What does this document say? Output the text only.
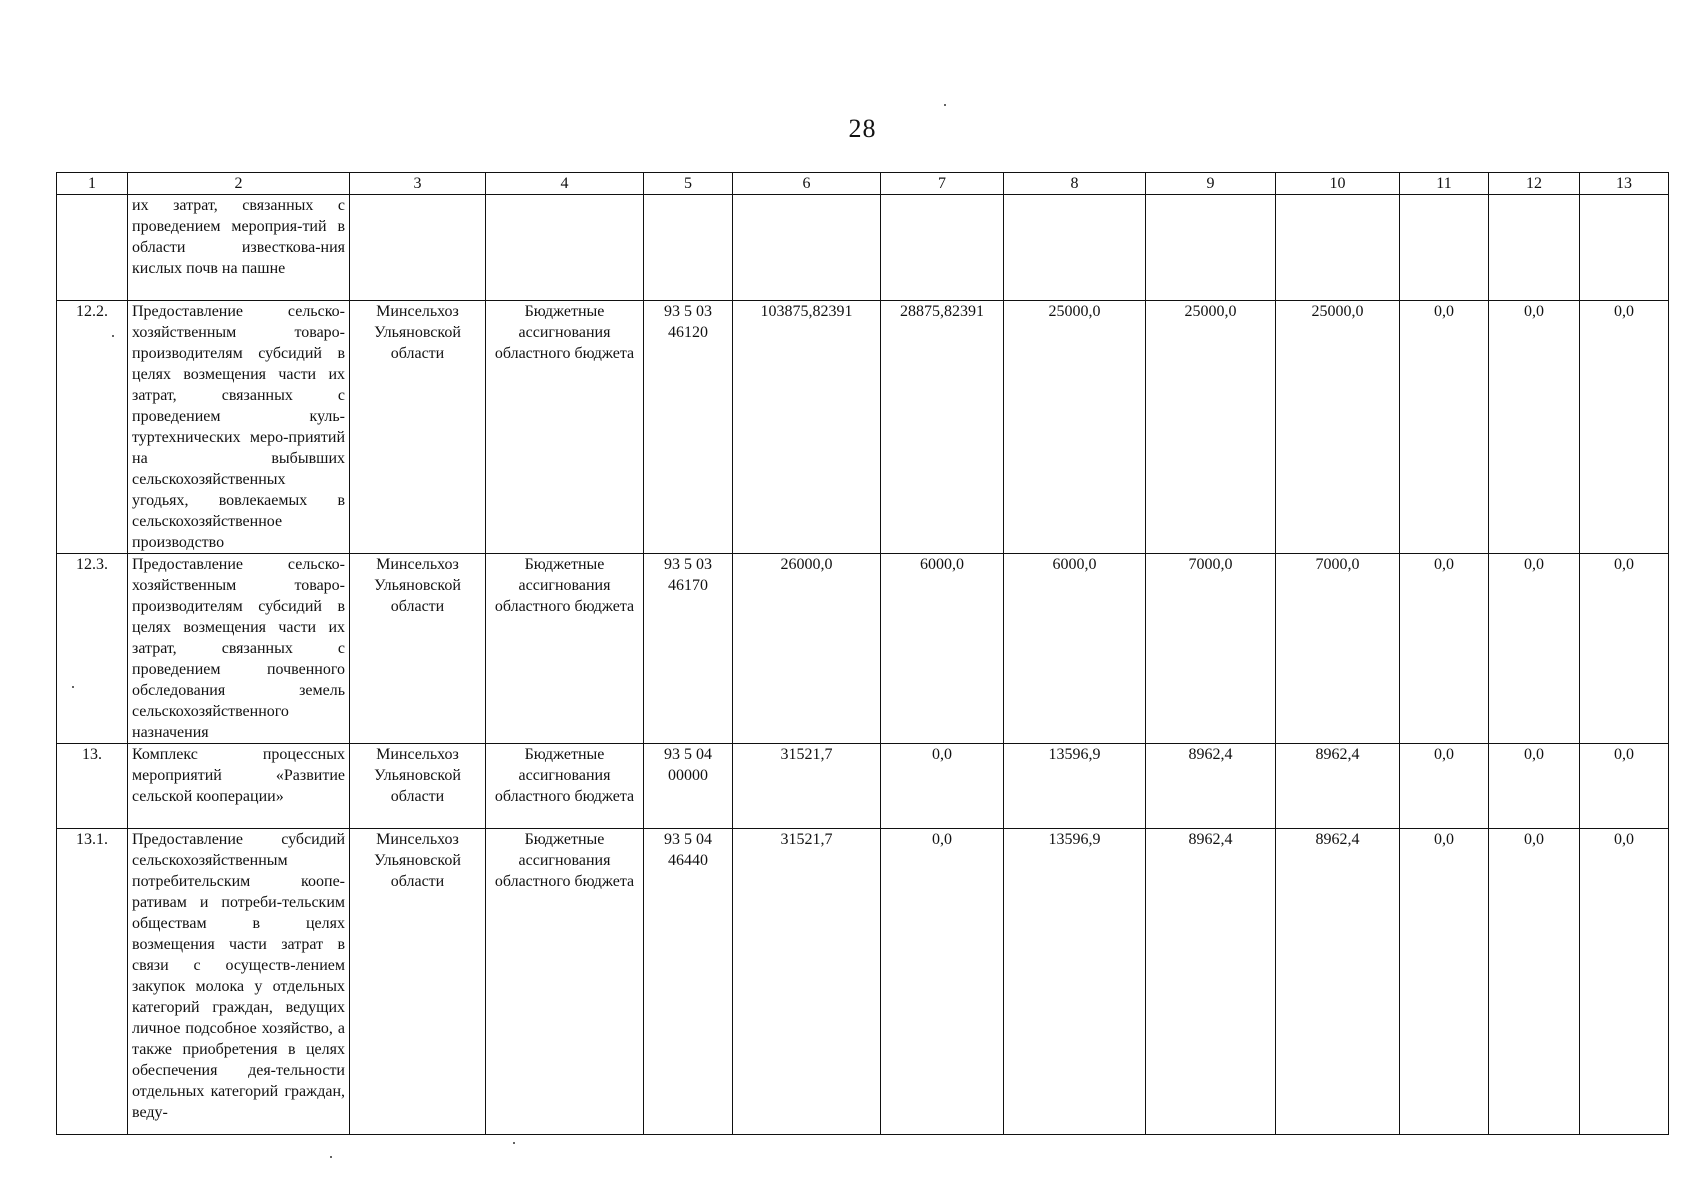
28
1	2	3	4	5	6	7	8	9	10	11	12	13
	их затрат, связанных с проведением мероприя-тий в области известкова-ния кислых почв на пашне											
12.2.	Предоставление сельско-хозяйственным товаро-производителям субсидий в целях возмещения части их затрат, связанных с проведением куль-туртехнических меро-приятий на выбывших сельскохозяйственных угодьях, вовлекаемых в сельскохозяйственное производство	Минсельхоз Ульяновской области	Бюджетные ассигнования областного бюджета	93 5 03 46120	103875,82391	28875,82391	25000,0	25000,0	25000,0	0,0	0,0	0,0
12.3.	Предоставление сельско-хозяйственным товаро-производителям субсидий в целях возмещения части их затрат, связанных с проведением почвенного обследования земель сельскохозяйственного назначения	Минсельхоз Ульяновской области	Бюджетные ассигнования областного бюджета	93 5 03 46170	26000,0	6000,0	6000,0	7000,0	7000,0	0,0	0,0	0,0
13.	Комплекс процессных мероприятий «Развитие сельской кооперации»	Минсельхоз Ульяновской области	Бюджетные ассигнования областного бюджета	93 5 04 00000	31521,7	0,0	13596,9	8962,4	8962,4	0,0	0,0	0,0
13.1.	Предоставление субсидий сельскохозяйственным потребительским коопе-ративам и потреби-тельским обществам в целях возмещения части затрат в связи с осуществ-лением закупок молока у отдельных категорий граждан, ведущих личное подсобное хозяйство, а также приобретения в целях обеспечения дея-тельности отдельных категорий граждан, веду-	Минсельхоз Ульяновской области	Бюджетные ассигнования областного бюджета	93 5 04 46440	31521,7	0,0	13596,9	8962,4	8962,4	0,0	0,0	0,0
